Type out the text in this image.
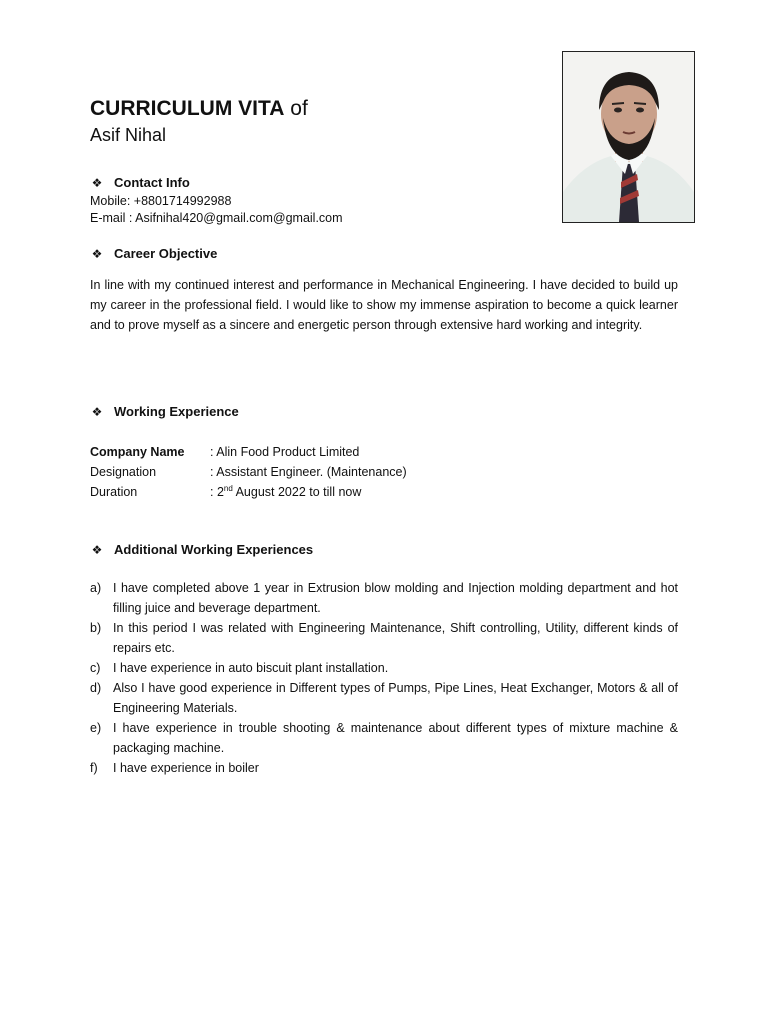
CURRICULUM VITA of
Asif Nihal
❖ Contact Info
Mobile: +8801714992988
E-mail : Asifnihal420@gmail.com@gmail.com
❖ Career Objective

In line with my continued interest and performance in Mechanical Engineering. I have decided to build up my career in the professional field. I would like to show my immense aspiration to become a quick learner and to prove myself as a sincere and energetic person through extensive hard working and integrity.

❖ Working Experience
Company Name	: Alin Food Product Limited
Designation	: Assistant Engineer. (Maintenance)
Duration	: 2nd August 2022 to till now
❖ Additional Working Experiences
a) I have completed above 1 year in Extrusion blow molding and Injection molding department and hot filling juice and beverage department.
b) In this period I was related with Engineering Maintenance, Shift controlling, Utility, different kinds of repairs etc.
c)	I have experience in auto biscuit plant installation.
d) Also I have good experience in Different types of Pumps, Pipe Lines, Heat Exchanger, Motors & all of Engineering Materials.
e) I have experience in trouble shooting & maintenance about different types of mixture machine & packaging machine.
f)	I have experience in boiler
